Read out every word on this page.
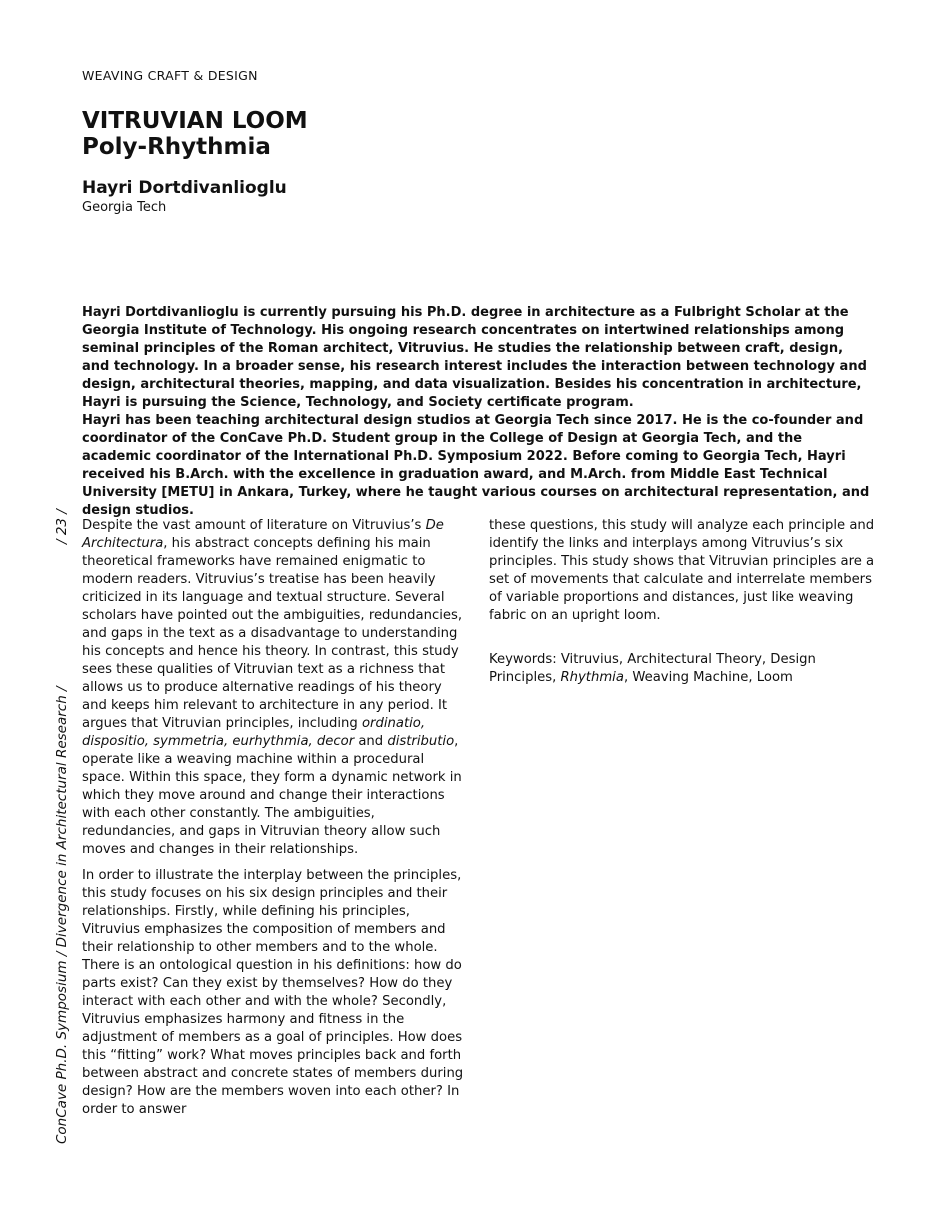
WEAVING CRAFT & DESIGN
VITRUVIAN LOOM
Poly-Rhythmia
Hayri Dortdivanlioglu
Georgia Tech

Hayri Dortdivanlioglu is currently pursuing his Ph.D. degree in architecture as a Fulbright Scholar at the Georgia Institute of Technology. His ongoing research concentrates on intertwined relationships among seminal principles of the Roman architect, Vitruvius. He studies the relationship between craft, design, and technology. In a broader sense, his research interest includes the interaction between technology and design, architectural theories, mapping, and data visualization. Besides his concentration in architecture, Hayri is pursuing the Science, Technology, and Society certificate program.

Hayri has been teaching architectural design studios at Georgia Tech since 2017. He is the co-founder and coordinator of the ConCave Ph.D. Student group in the College of Design at Georgia Tech, and the academic coordinator of the International Ph.D. Symposium 2022. Before coming to Georgia Tech, Hayri received his B.Arch. with the excellence in graduation award, and M.Arch. from Middle East Technical University [METU] in Ankara, Turkey, where he taught various courses on architectural representation, and design studios.

Despite the vast amount of literature on Vitruvius’s De Architectura, his abstract concepts defining his main theoretical frameworks have remained enigmatic to modern readers. Vitruvius’s treatise has been heavily criticized in its language and textual structure. Several scholars have pointed out the ambiguities, redundancies, and gaps in the text as a disadvantage to understanding his concepts and hence his theory. In contrast, this study sees these qualities of Vitruvian text as a richness that allows us to produce alternative readings of his theory and keeps him relevant to architecture in any period. It argues that Vitruvian principles, including ordinatio, dispositio, symmetria, eurhythmia, decor and distributio, operate like a weaving machine within a procedural space. Within this space, they form a dynamic network in which they move around and change their interactions with each other constantly. The ambiguities, redundancies, and gaps in Vitruvian theory allow such moves and changes in their relationships.

In order to illustrate the interplay between the principles, this study focuses on his six design principles and their relationships. Firstly, while defining his principles, Vitruvius emphasizes the composition of members and their relationship to other members and to the whole. There is an ontological question in his definitions: how do parts exist? Can they exist by themselves? How do they interact with each other and with the whole? Secondly, Vitruvius emphasizes harmony and fitness in the adjustment of members as a goal of principles. How does this “fitting” work? What moves principles back and forth between abstract and concrete states of members during design? How are the members woven into each other? In order to answer

these questions, this study will analyze each principle and identify the links and interplays among Vitruvius’s six principles. This study shows that Vitruvian principles are a set of movements that calculate and interrelate members of variable proportions and distances, just like weaving fabric on an upright loom.

Keywords: Vitruvius, Architectural Theory, Design Principles, Rhythmia, Weaving Machine, Loom

ConCave Ph.D. Symposium / Divergence in Architectural Research /
/ 23 /
